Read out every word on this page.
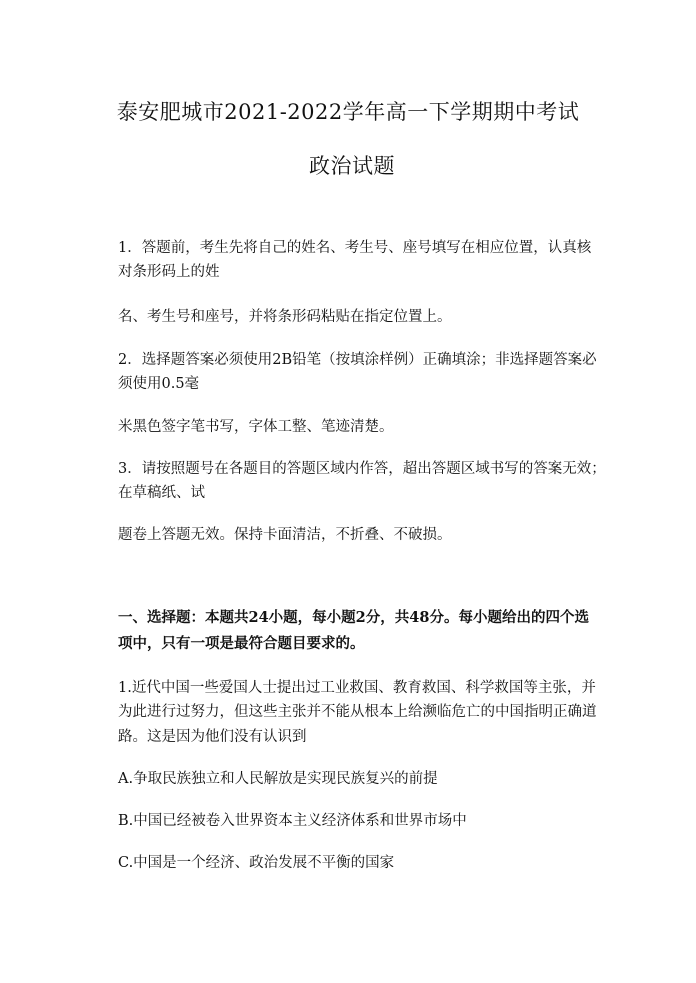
泰安肥城市2021-2022学年高一下学期期中考试
政治试题
1．答题前，考生先将自己的姓名、考生号、座号填写在相应位置，认真核
对条形码上的姓
名、考生号和座号，并将条形码粘贴在指定位置上。
2．选择题答案必须使用2B铅笔（按填涂样例）正确填涂；非选择题答案必
须使用0.5毫
米黑色签字笔书写，字体工整、笔迹清楚。
3．请按照题号在各题目的答题区域内作答，超出答题区域书写的答案无效；
在草稿纸、试
题卷上答题无效。保持卡面清洁，不折叠、不破损。
一、选择题：本题共24小题，每小题2分，共48分。每小题给出的四个选
项中，只有一项是最符合题目要求的。
1.近代中国一些爱国人士提出过工业救国、教育救国、科学救国等主张，并
为此进行过努力，但这些主张并不能从根本上给濒临危亡的中国指明正确道
路。这是因为他们没有认识到
A.争取民族独立和人民解放是实现民族复兴的前提
B.中国已经被卷入世界资本主义经济体系和世界市场中
C.中国是一个经济、政治发展不平衡的国家
